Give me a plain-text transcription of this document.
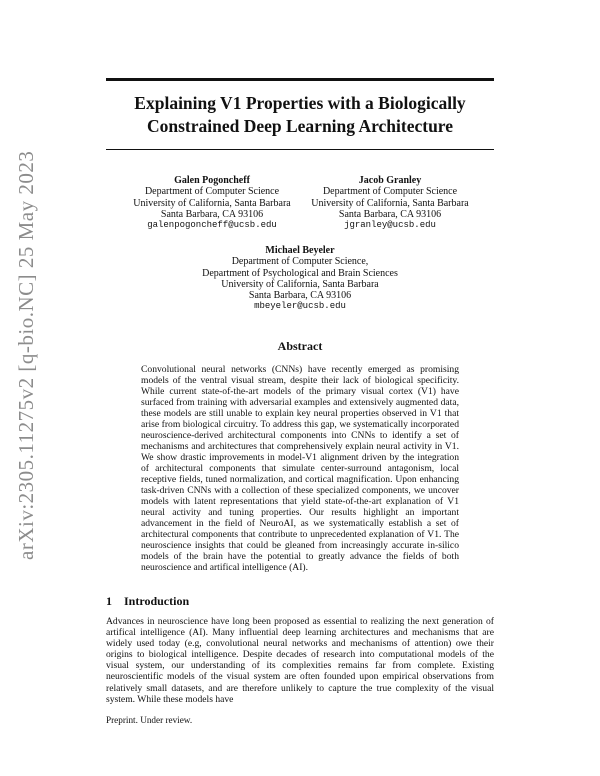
arXiv:2305.11275v2 [q-bio.NC] 25 May 2023
Explaining V1 Properties with a Biologically
Constrained Deep Learning Architecture
Galen Pogoncheff
Department of Computer Science
University of California, Santa Barbara
Santa Barbara, CA 93106
galenpogoncheff@ucsb.edu
Jacob Granley
Department of Computer Science
University of California, Santa Barbara
Santa Barbara, CA 93106
jgranley@ucsb.edu
Michael Beyeler
Department of Computer Science,
Department of Psychological and Brain Sciences
University of California, Santa Barbara
Santa Barbara, CA 93106
mbeyeler@ucsb.edu
Abstract
Convolutional neural networks (CNNs) have recently emerged as promising models of the ventral visual stream, despite their lack of biological specificity. While current state-of-the-art models of the primary visual cortex (V1) have surfaced from training with adversarial examples and extensively augmented data, these models are still unable to explain key neural properties observed in V1 that arise from biological circuitry. To address this gap, we systematically incorporated neuroscience-derived architectural components into CNNs to identify a set of mechanisms and architectures that comprehensively explain neural activity in V1. We show drastic improvements in model-V1 alignment driven by the integration of architectural components that simulate center-surround antagonism, local receptive fields, tuned normalization, and cortical magnification. Upon enhancing task-driven CNNs with a collection of these specialized components, we uncover models with latent representations that yield state-of-the-art explanation of V1 neural activity and tuning properties. Our results highlight an important advancement in the field of NeuroAI, as we systematically establish a set of architectural components that contribute to unprecedented explanation of V1. The neuroscience insights that could be gleaned from increasingly accurate in-silico models of the brain have the potential to greatly advance the fields of both neuroscience and artifical intelligence (AI).
1 Introduction
Advances in neuroscience have long been proposed as essential to realizing the next generation of artifical intelligence (AI). Many influential deep learning architectures and mechanisms that are widely used today (e.g, convolutional neural networks and mechanisms of attention) owe their origins to biological intelligence. Despite decades of research into computational models of the visual system, our understanding of its complexities remains far from complete. Existing neuroscientific models of the visual system are often founded upon empirical observations from relatively small datasets, and are therefore unlikely to capture the true complexity of the visual system. While these models have
Preprint. Under review.
